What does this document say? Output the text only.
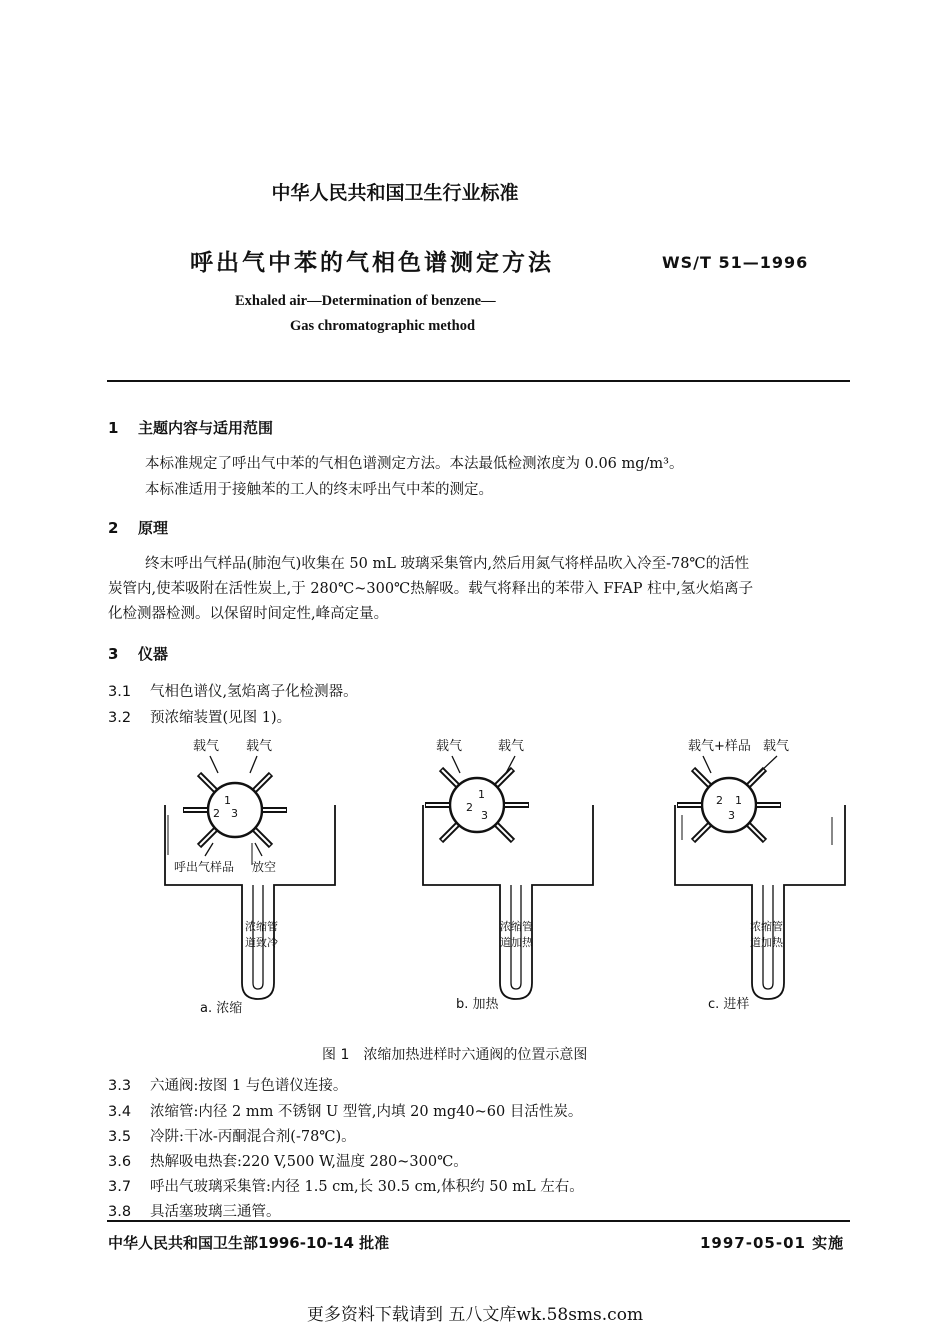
中华人民共和国卫生行业标准
呼出气中苯的气相色谱测定方法	WS/T 51—1996
Exhaled air—Determination of benzene—
Gas chromatographic method
1 主题内容与适用范围
本标准规定了呼出气中苯的气相色谱测定方法。本法最低检测浓度为 0.06 mg/m³。
本标准适用于接触苯的工人的终末呼出气中苯的测定。
2 原理
终末呼出气样品(肺泡气)收集在 50 mL 玻璃采集管内,然后用氮气将样品吹入冷至-78℃的活性
炭管内,使苯吸附在活性炭上,于 280℃~300℃热解吸。载气将释出的苯带入 FFAP 柱中,氢火焰离子
化检测器检测。以保留时间定性,峰高定量。
3 仪器
3.1 气相色谱仪,氢焰离子化检测器。
3.2 预浓缩装置(见图 1)。
载气 载气
呼出气样品 放空
1
2 3
浓缩管
道致冷
a. 浓缩
载气	载气
1
2
3
浓缩管
道加热
b. 加热
载气+样品 载气
2 1
3
浓缩管
道加热
c. 进样
图 1　浓缩加热进样时六通阀的位置示意图
3.3 六通阀:按图 1 与色谱仪连接。
3.4 浓缩管:内径 2 mm 不锈钢 U 型管,内填 20 mg40~60 目活性炭。
3.5 冷阱:干冰-丙酮混合剂(-78℃)。
3.6 热解吸电热套:220 V,500 W,温度 280~300℃。
3.7 呼出气玻璃采集管:内径 1.5 cm,长 30.5 cm,体积约 50 mL 左右。
3.8 具活塞玻璃三通管。
中华人民共和国卫生部1996-10-14 批准	1997-05-01 实施
更多资料下载请到 五八文库wk.58sms.com
